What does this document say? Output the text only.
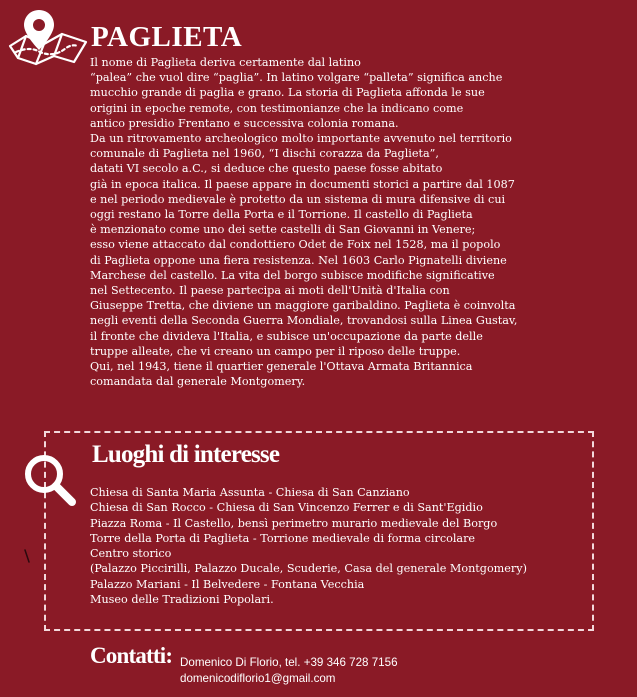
PAGLIETA
Il nome di Paglieta deriva certamente dal latino
“palea” che vuol dire “paglia”. In latino volgare “palleta” significa anche
mucchio grande di paglia e grano. La storia di Paglieta affonda le sue
origini in epoche remote, con testimonianze che la indicano come
antico presidio Frentano e successiva colonia romana.
Da un ritrovamento archeologico molto importante avvenuto nel territorio
comunale di Paglieta nel 1960, “I dischi corazza da Paglieta”,
datati VI secolo a.C., si deduce che questo paese fosse abitato
già in epoca italica. Il paese appare in documenti storici a partire dal 1087
e nel periodo medievale è protetto da un sistema di mura difensive di cui
oggi restano la Torre della Porta e il Torrione. Il castello di Paglieta
è menzionato come uno dei sette castelli di San Giovanni in Venere;
esso viene attaccato dal condottiero Odet de Foix nel 1528, ma il popolo
di Paglieta oppone una fiera resistenza. Nel 1603 Carlo Pignatelli diviene
Marchese del castello. La vita del borgo subisce modifiche significative
nel Settecento. Il paese partecipa ai moti dell'Unità d'Italia con
Giuseppe Tretta, che diviene un maggiore garibaldino. Paglieta è coinvolta
negli eventi della Seconda Guerra Mondiale, trovandosi sulla Linea Gustav,
il fronte che divideva l'Italia, e subisce un'occupazione da parte delle
truppe alleate, che vi creano un campo per il riposo delle truppe.
Qui, nel 1943, tiene il quartier generale l'Ottava Armata Britannica
comandata dal generale Montgomery.
Luoghi di interesse
Chiesa di Santa Maria Assunta - Chiesa di San Canziano
Chiesa di San Rocco - Chiesa di San Vincenzo Ferrer e di Sant'Egidio
Piazza Roma - Il Castello, bensì perimetro murario medievale del Borgo
Torre della Porta di Paglieta - Torrione medievale di forma circolare
Centro storico
(Palazzo Piccirilli, Palazzo Ducale, Scuderie, Casa del generale Montgomery)
Palazzo Mariani - Il Belvedere - Fontana Vecchia
Museo delle Tradizioni Popolari.
Contatti: Domenico Di Florio, tel. +39 346 728 7156
domenicodiflorio1@gmail.com
